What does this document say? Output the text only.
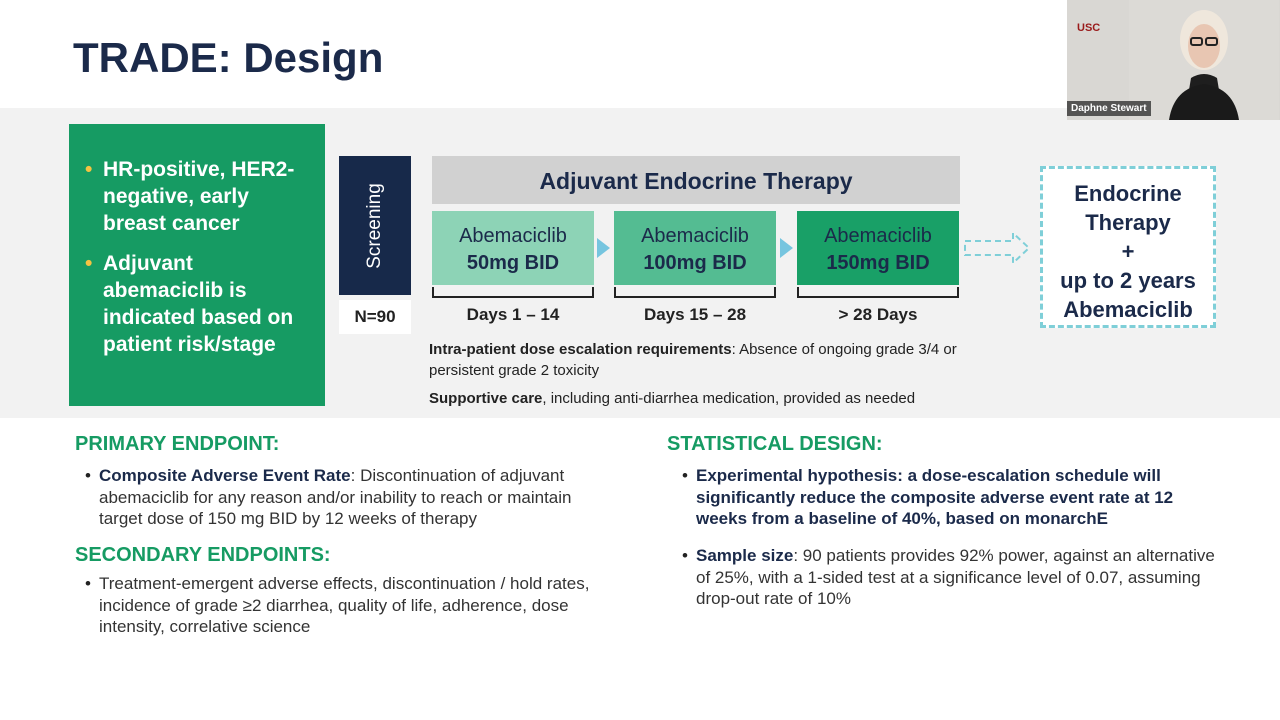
TRADE: Design
USC
Daphne Stewart
• HR-positive, HER2-negative, early breast cancer
• Adjuvant abemaciclib is indicated based on patient risk/stage
Screening
N=90
Adjuvant Endocrine Therapy
Abemaciclib
50mg BID
Abemaciclib
100mg BID
Abemaciclib
150mg BID
Days 1 – 14	Days 15 – 28	> 28 Days
Endocrine
Therapy
+
up to 2 years
Abemaciclib
Intra-patient dose escalation requirements: Absence of ongoing grade 3/4 or persistent grade 2 toxicity
Supportive care, including anti-diarrhea medication, provided as needed
PRIMARY ENDPOINT:
• Composite Adverse Event Rate: Discontinuation of adjuvant abemaciclib for any reason and/or inability to reach or maintain target dose of 150 mg BID by 12 weeks of therapy
SECONDARY ENDPOINTS:
• Treatment-emergent adverse effects, discontinuation / hold rates, incidence of grade ≥2 diarrhea, quality of life, adherence, dose intensity, correlative science
STATISTICAL DESIGN:
• Experimental hypothesis: a dose-escalation schedule will significantly reduce the composite adverse event rate at 12 weeks from a baseline of 40%, based on monarchE
• Sample size: 90 patients provides 92% power, against an alternative of 25%, with a 1-sided test at a significance level of 0.07, assuming drop-out rate of 10%
